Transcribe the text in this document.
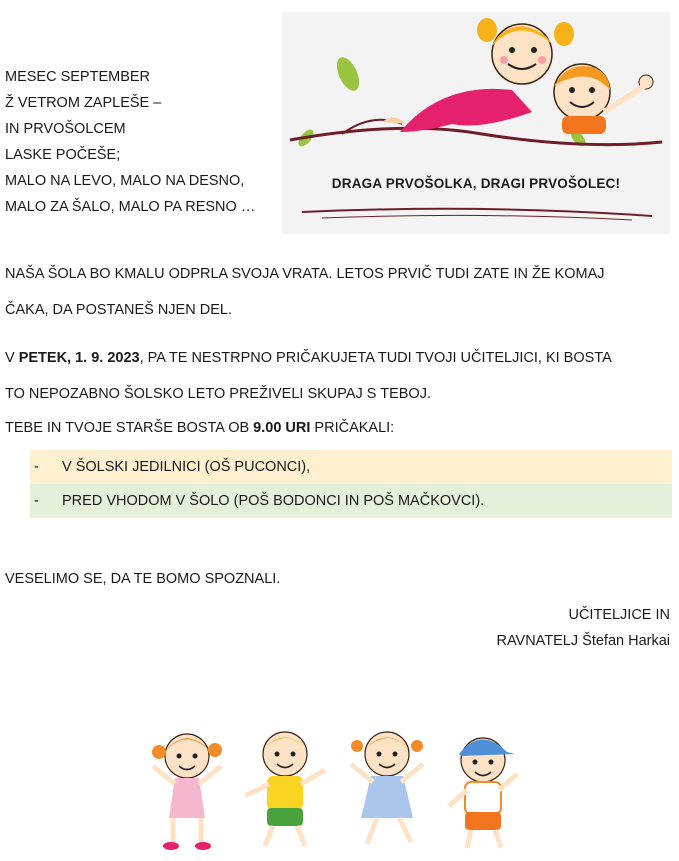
MESEC SEPTEMBER
Ž VETROM ZAPLEŠE –
IN PRVOŠOLCEM
LASKE POČEŠE;
MALO NA LEVO, MALO NA DESNO,
MALO ZA ŠALO, MALO PA RESNO …
DRAGA PRVOŠOLKA, DRAGI PRVOŠOLEC!
NAŠA ŠOLA BO KMALU ODPRLA SVOJA VRATA. LETOS PRVIČ TUDI ZATE IN ŽE KOMAJ
ČAKA, DA POSTANEŠ NJEN DEL.
V PETEK, 1. 9. 2023, PA TE NESTRPNO PRIČAKUJETA TUDI TVOJI UČITELJICI, KI BOSTA
TO NEPOZABNO ŠOLSKO LETO PREŽIVELI SKUPAJ S TEBOJ.
TEBE IN TVOJE STARŠE BOSTA OB 9.00 URI PRIČAKALI:
-	V ŠOLSKI JEDILNICI (OŠ PUCONCI),
-	PRED VHODOM V ŠOLO (POŠ BODONCI IN POŠ MAČKOVCI).
VESELIMO SE, DA TE BOMO SPOZNALI.
UČITELJICE IN
RAVNATELJ Štefan Harkai
